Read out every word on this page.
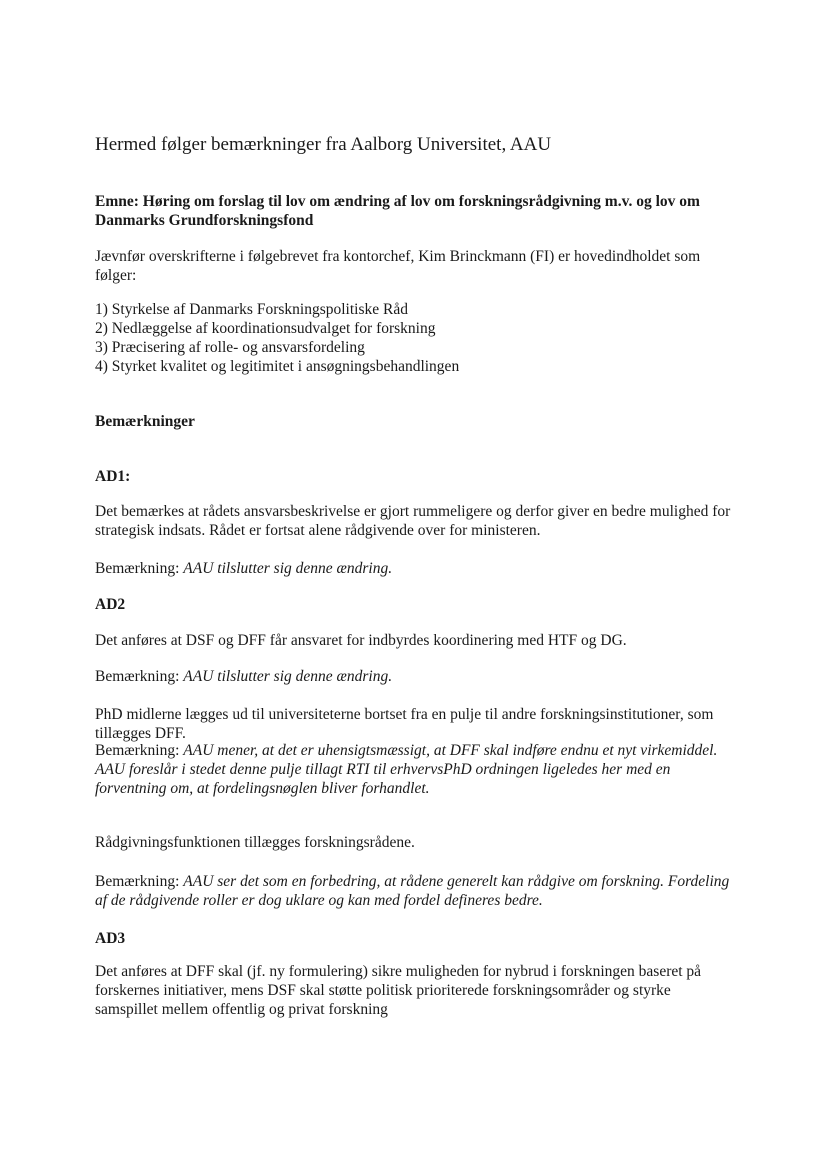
Hermed følger bemærkninger fra Aalborg Universitet, AAU
Emne: Høring om forslag til lov om ændring af lov om forskningsrådgivning m.v. og lov om Danmarks Grundforskningsfond
Jævnfør overskrifterne i følgebrevet fra kontorchef, Kim Brinckmann (FI) er hovedindholdet som følger:
1) Styrkelse af Danmarks Forskningspolitiske Råd
2) Nedlæggelse af koordinationsudvalget for forskning
3) Præcisering af rolle- og ansvarsfordeling
4) Styrket kvalitet og legitimitet i ansøgningsbehandlingen
Bemærkninger
AD1:
Det bemærkes at rådets ansvarsbeskrivelse er gjort rummeligere og derfor giver en bedre mulighed for strategisk indsats. Rådet er fortsat alene rådgivende over for ministeren.
Bemærkning: AAU tilslutter sig denne ændring.
AD2
Det anføres at DSF og DFF får ansvaret for indbyrdes koordinering med HTF og DG.
Bemærkning: AAU tilslutter sig denne ændring.
PhD midlerne lægges ud til universiteterne bortset fra en pulje til andre forskningsinstitutioner, som tillægges DFF.
Bemærkning: AAU mener, at det er uhensigtsmæssigt, at DFF skal indføre endnu et nyt virkemiddel. AAU foreslår i stedet denne pulje tillagt RTI til erhvervsPhD ordningen ligeledes her med en forventning om, at fordelingsnøglen bliver forhandlet.
Rådgivningsfunktionen tillægges forskningsrådene.
Bemærkning: AAU ser det som en forbedring, at rådene generelt kan rådgive om forskning. Fordeling af de rådgivende roller er dog uklare og kan med fordel defineres bedre.
AD3
Det anføres at DFF skal (jf. ny formulering) sikre muligheden for nybrud i forskningen baseret på forskernes initiativer, mens DSF skal støtte politisk prioriterede forskningsområder og styrke samspillet mellem offentlig og privat forskning
